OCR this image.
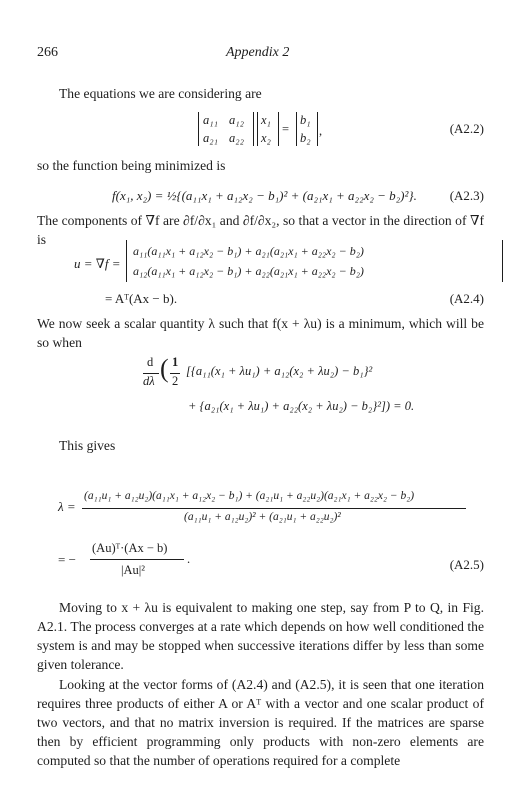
266	Appendix 2
The equations we are considering are
a₁₁ a₁₂
a₂₁ a₂₂
x₁
x₂
=
b₁
b₂ ,	(A2.2)
so the function being minimized is
f(x₁, x₂) = ½{(a₁₁x₁ + a₁₂x₂ − b₁)² + (a₂₁x₁ + a₂₂x₂ − b₂)²}.	(A2.3)
The components of ∇f are ∂f/∂x₁ and ∂f/∂x₂, so that a vector in the direction of ∇f is
u = ∇f =
a₁₁(a₁₁x₁ + a₁₂x₂ − b₁) + a₂₁(a₂₁x₁ + a₂₂x₂ − b₂)
a₁₂(a₁₁x₁ + a₁₂x₂ − b₁) + a₂₂(a₂₁x₁ + a₂₂x₂ − b₂)
= Aᵀ(Ax − b).	(A2.4)
We now seek a scalar quantity λ such that f(x + λu) is a minimum, which will be so when
d
dλ ( 1
2
[{a₁₁(x₁ + λu₁) + a₁₂(x₂ + λu₂) − b₁}²
+ {a₂₁(x₁ + λu₁) + a₂₂(x₂ + λu₂) − b₂}²]) = 0.
This gives
λ =
(a₁₁u₁ + a₁₂u₂)(a₁₁x₁ + a₁₂x₂ − b₁) + (a₂₁u₁ + a₂₂u₂)(a₂₁x₁ + a₂₂x₂ − b₂)
(a₁₁u₁ + a₁₂u₂)² + (a₂₁u₁ + a₂₂u₂)²
= −
(Au)ᵀ·(Ax − b)
|Au|²
.	(A2.5)
Moving to x + λu is equivalent to making one step, say from P to Q, in Fig. A2.1. The process converges at a rate which depends on how well conditioned the system is and may be stopped when successive iterations differ by less than some given tolerance.
Looking at the vector forms of (A2.4) and (A2.5), it is seen that one iteration requires three products of either A or Aᵀ with a vector and one scalar product of two vectors, and that no matrix inversion is required. If the matrices are sparse then by efficient programming only products with non-zero elements are computed so that the number of operations required for a complete
